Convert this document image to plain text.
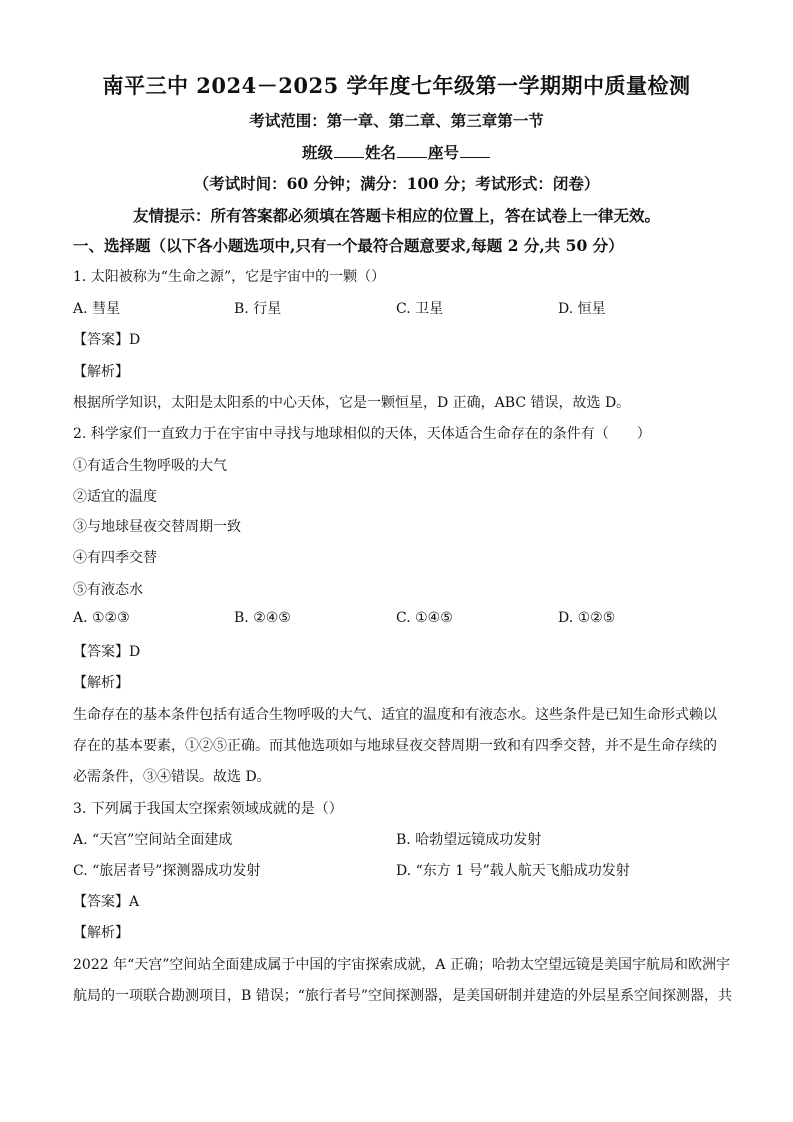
南平三中 2024－2025 学年度七年级第一学期期中质量检测
考试范围：第一章、第二章、第三章第一节
班级 姓名 座号
（考试时间：60 分钟；满分：100 分；考试形式：闭卷）
友情提示：所有答案都必须填在答题卡相应的位置上，答在试卷上一律无效。
一、选择题（以下各小题选项中,只有一个最符合题意要求,每题 2 分,共 50 分）
1. 太阳被称为“生命之源”，它是宇宙中的一颗（）
A. 彗星	B. 行星	C. 卫星	D. 恒星
【答案】D
【解析】
根据所学知识，太阳是太阳系的中心天体，它是一颗恒星，D 正确，ABC 错误，故选 D。
2. 科学家们一直致力于在宇宙中寻找与地球相似的天体，天体适合生命存在的条件有（　　）
①有适合生物呼吸的大气
②适宜的温度
③与地球昼夜交替周期一致
④有四季交替
⑤有液态水
A. ①②③	B. ②④⑤	C. ①④⑤	D. ①②⑤
【答案】D
【解析】
生命存在的基本条件包括有适合生物呼吸的大气、适宜的温度和有液态水。这些条件是已知生命形式赖以
存在的基本要素，①②⑤正确。而其他选项如与地球昼夜交替周期一致和有四季交替，并不是生命存续的
必需条件，③④错误。故选 D。
3. 下列属于我国太空探索领域成就的是（）
A. “天宫”空间站全面建成	B. 哈勃望远镜成功发射
C. “旅居者号”探测器成功发射	D. “东方 1 号”载人航天飞船成功发射
【答案】A
【解析】
2022 年“天宫”空间站全面建成属于中国的宇宙探索成就，A 正确；哈勃太空望远镜是美国宇航局和欧洲宇
航局的一项联合勘测项目，B 错误；“旅行者号”空间探测器，是美国研制并建造的外层星系空间探测器，共
